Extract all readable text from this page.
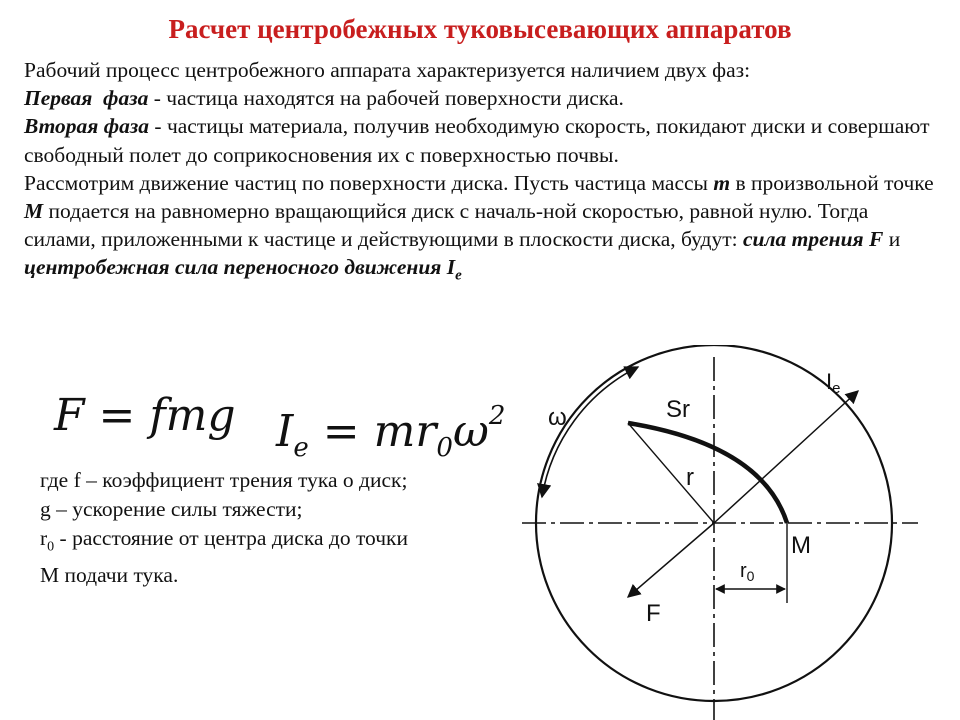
Расчет центробежных туковысевающих аппаратов

Рабочий процесс центробежного аппарата характеризуется наличием двух фаз:

Первая  фаза - частица находятся на рабочей поверхности диска.

Вторая фаза - частицы материала, получив необходимую скорость, покидают диски и совершают свободный полет до соприкосновения их с поверхностью почвы.

Рассмотрим движение частиц по поверхности диска. Пусть частица массы m в произвольной точке М подается на равномерно вращающийся диск с началь-ной скоростью, равной нулю. Тогда силами, приложенными к частице и действующими в плоскости диска, будут: сила трения F и центробежная сила переносного движения $I_e$

F = fmg $I_e = mr_0\omega^2$

где f – коэффициент трения тука о диск;

g – ускорение силы тяжести;

$r_0$ - расстояние от центра диска до точки

М подачи тука.

ω
Ie
Sr
r
M
F
$r_0$
